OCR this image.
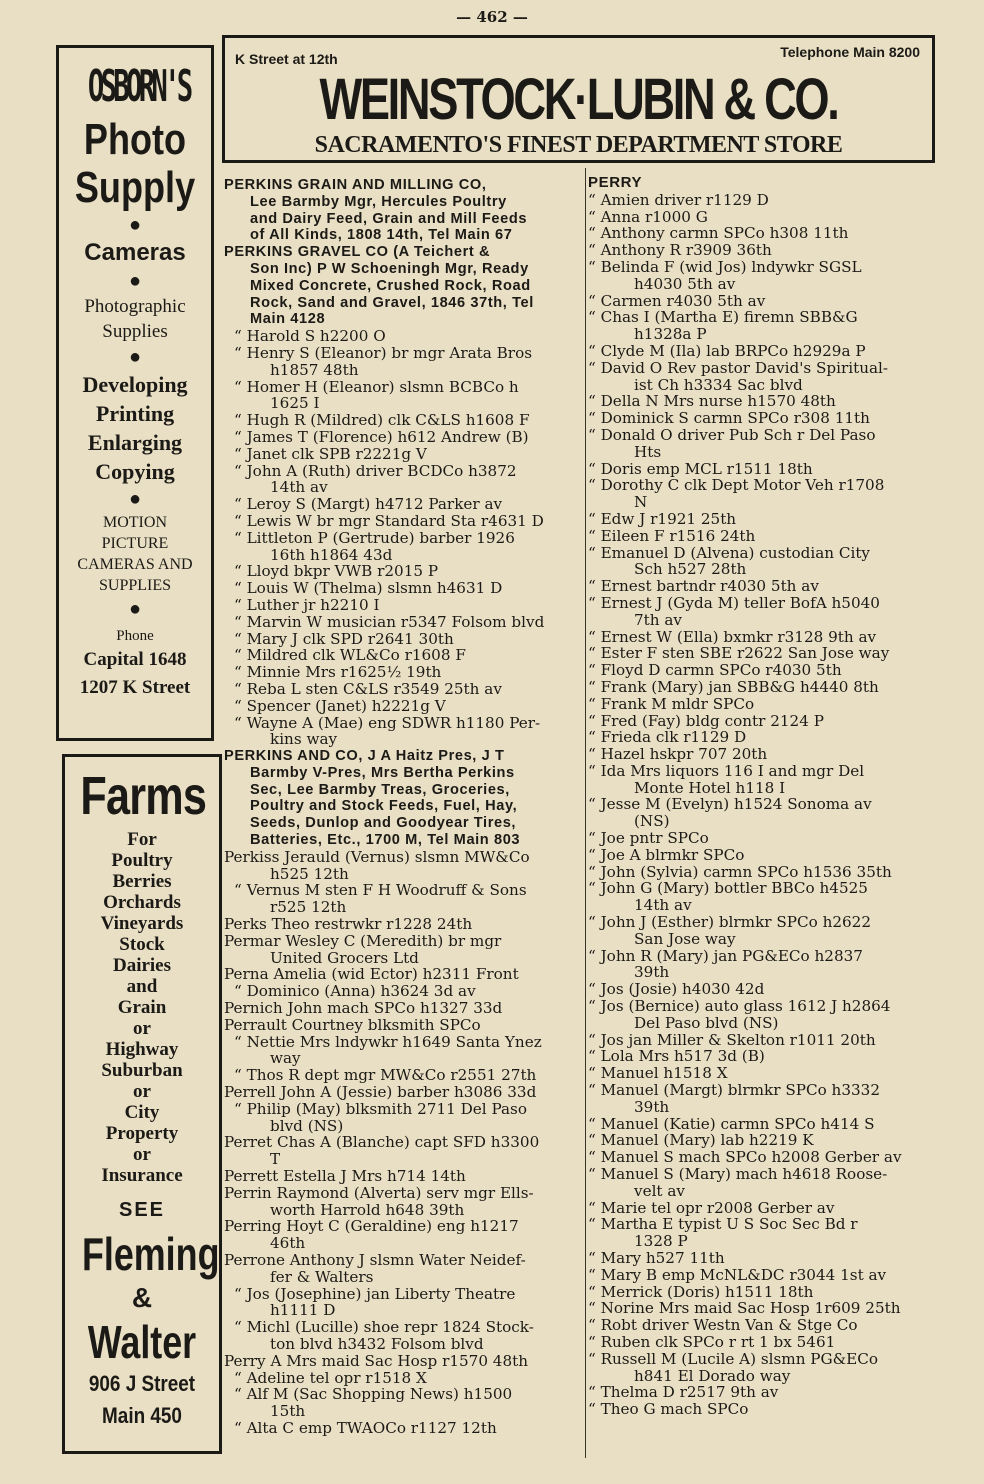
— 462 —
OSBORN'S
Photo
Supply
●
Cameras
●
Photographic
Supplies
●
Developing
Printing
Enlarging
Copying
●
MOTION
PICTURE
CAMERAS AND
SUPPLIES
●
Phone
Capital 1648
1207 K Street
Farms
For
Poultry
Berries
Orchards
Vineyards
Stock
Dairies
and
Grain
or
Highway
Suburban
or
City
Property
or
Insurance
SEE
Fleming
&
Walter
906 J Street
Main 450
K Street at 12th	Telephone Main 8200
WEINSTOCK·LUBIN & CO.
SACRAMENTO'S FINEST DEPARTMENT STORE
PERKINS GRAIN AND MILLING CO,
Lee Barmby Mgr, Hercules Poultry
and Dairy Feed, Grain and Mill Feeds
of All Kinds, 1808 14th, Tel Main 67
PERKINS GRAVEL CO (A Teichert &
Son Inc) P W Schoeningh Mgr, Ready
Mixed Concrete, Crushed Rock, Road
Rock, Sand and Gravel, 1846 37th, Tel
Main 4128
“ Harold S h2200 O
“ Henry S (Eleanor) br mgr Arata Bros
h1857 48th
“ Homer H (Eleanor) slsmn BCBCo h
1625 I
“ Hugh R (Mildred) clk C&LS h1608 F
“ James T (Florence) h612 Andrew (B)
“ Janet clk SPB r2221g V
“ John A (Ruth) driver BCDCo h3872
14th av
“ Leroy S (Margt) h4712 Parker av
“ Lewis W br mgr Standard Sta r4631 D
“ Littleton P (Gertrude) barber 1926
16th h1864 43d
“ Lloyd bkpr VWB r2015 P
“ Louis W (Thelma) slsmn h4631 D
“ Luther jr h2210 I
“ Marvin W musician r5347 Folsom blvd
“ Mary J clk SPD r2641 30th
“ Mildred clk WL&Co r1608 F
“ Minnie Mrs r1625½ 19th
“ Reba L sten C&LS r3549 25th av
“ Spencer (Janet) h2221g V
“ Wayne A (Mae) eng SDWR h1180 Per-
kins way
PERKINS AND CO, J A Haitz Pres, J T
Barmby V-Pres, Mrs Bertha Perkins
Sec, Lee Barmby Treas, Groceries,
Poultry and Stock Feeds, Fuel, Hay,
Seeds, Dunlop and Goodyear Tires,
Batteries, Etc., 1700 M, Tel Main 803
Perkiss Jerauld (Vernus) slsmn MW&Co
h525 12th
“ Vernus M sten F H Woodruff & Sons
r525 12th
Perks Theo restrwkr r1228 24th
Permar Wesley C (Meredith) br mgr
United Grocers Ltd
Perna Amelia (wid Ector) h2311 Front
“ Dominico (Anna) h3624 3d av
Pernich John mach SPCo h1327 33d
Perrault Courtney blksmith SPCo
“ Nettie Mrs lndywkr h1649 Santa Ynez
way
“ Thos R dept mgr MW&Co r2551 27th
Perrell John A (Jessie) barber h3086 33d
“ Philip (May) blksmith 2711 Del Paso
blvd (NS)
Perret Chas A (Blanche) capt SFD h3300
T
Perrett Estella J Mrs h714 14th
Perrin Raymond (Alverta) serv mgr Ells-
worth Harrold h648 39th
Perring Hoyt C (Geraldine) eng h1217
46th
Perrone Anthony J slsmn Water Neidef-
fer & Walters
“ Jos (Josephine) jan Liberty Theatre
h1111 D
“ Michl (Lucille) shoe repr 1824 Stock-
ton blvd h3432 Folsom blvd
Perry A Mrs maid Sac Hosp r1570 48th
“ Adeline tel opr r1518 X
“ Alf M (Sac Shopping News) h1500
15th
“ Alta C emp TWAOCo r1127 12th
PERRY
“ Amien driver r1129 D
“ Anna r1000 G
“ Anthony carmn SPCo h308 11th
“ Anthony R r3909 36th
“ Belinda F (wid Jos) lndywkr SGSL
h4030 5th av
“ Carmen r4030 5th av
“ Chas I (Martha E) firemn SBB&G
h1328a P
“ Clyde M (Ila) lab BRPCo h2929a P
“ David O Rev pastor David's Spiritual-
ist Ch h3334 Sac blvd
“ Della N Mrs nurse h1570 48th
“ Dominick S carmn SPCo r308 11th
“ Donald O driver Pub Sch r Del Paso
Hts
“ Doris emp MCL r1511 18th
“ Dorothy C clk Dept Motor Veh r1708
N
“ Edw J r1921 25th
“ Eileen F r1516 24th
“ Emanuel D (Alvena) custodian City
Sch h527 28th
“ Ernest bartndr r4030 5th av
“ Ernest J (Gyda M) teller BofA h5040
7th av
“ Ernest W (Ella) bxmkr r3128 9th av
“ Ester F sten SBE r2622 San Jose way
“ Floyd D carmn SPCo r4030 5th
“ Frank (Mary) jan SBB&G h4440 8th
“ Frank M mldr SPCo
“ Fred (Fay) bldg contr 2124 P
“ Frieda clk r1129 D
“ Hazel hskpr 707 20th
“ Ida Mrs liquors 116 I and mgr Del
Monte Hotel h118 I
“ Jesse M (Evelyn) h1524 Sonoma av
(NS)
“ Joe pntr SPCo
“ Joe A blrmkr SPCo
“ John (Sylvia) carmn SPCo h1536 35th
“ John G (Mary) bottler BBCo h4525
14th av
“ John J (Esther) blrmkr SPCo h2622
San Jose way
“ John R (Mary) jan PG&ECo h2837
39th
“ Jos (Josie) h4030 42d
“ Jos (Bernice) auto glass 1612 J h2864
Del Paso blvd (NS)
“ Jos jan Miller & Skelton r1011 20th
“ Lola Mrs h517 3d (B)
“ Manuel h1518 X
“ Manuel (Margt) blrmkr SPCo h3332
39th
“ Manuel (Katie) carmn SPCo h414 S
“ Manuel (Mary) lab h2219 K
“ Manuel S mach SPCo h2008 Gerber av
“ Manuel S (Mary) mach h4618 Roose-
velt av
“ Marie tel opr r2008 Gerber av
“ Martha E typist U S Soc Sec Bd r
1328 P
“ Mary h527 11th
“ Mary B emp McNL&DC r3044 1st av
“ Merrick (Doris) h1511 18th
“ Norine Mrs maid Sac Hosp 1r609 25th
“ Robt driver Westn Van & Stge Co
“ Ruben clk SPCo r rt 1 bx 5461
“ Russell M (Lucile A) slsmn PG&ECo
h841 El Dorado way
“ Thelma D r2517 9th av
“ Theo G mach SPCo
